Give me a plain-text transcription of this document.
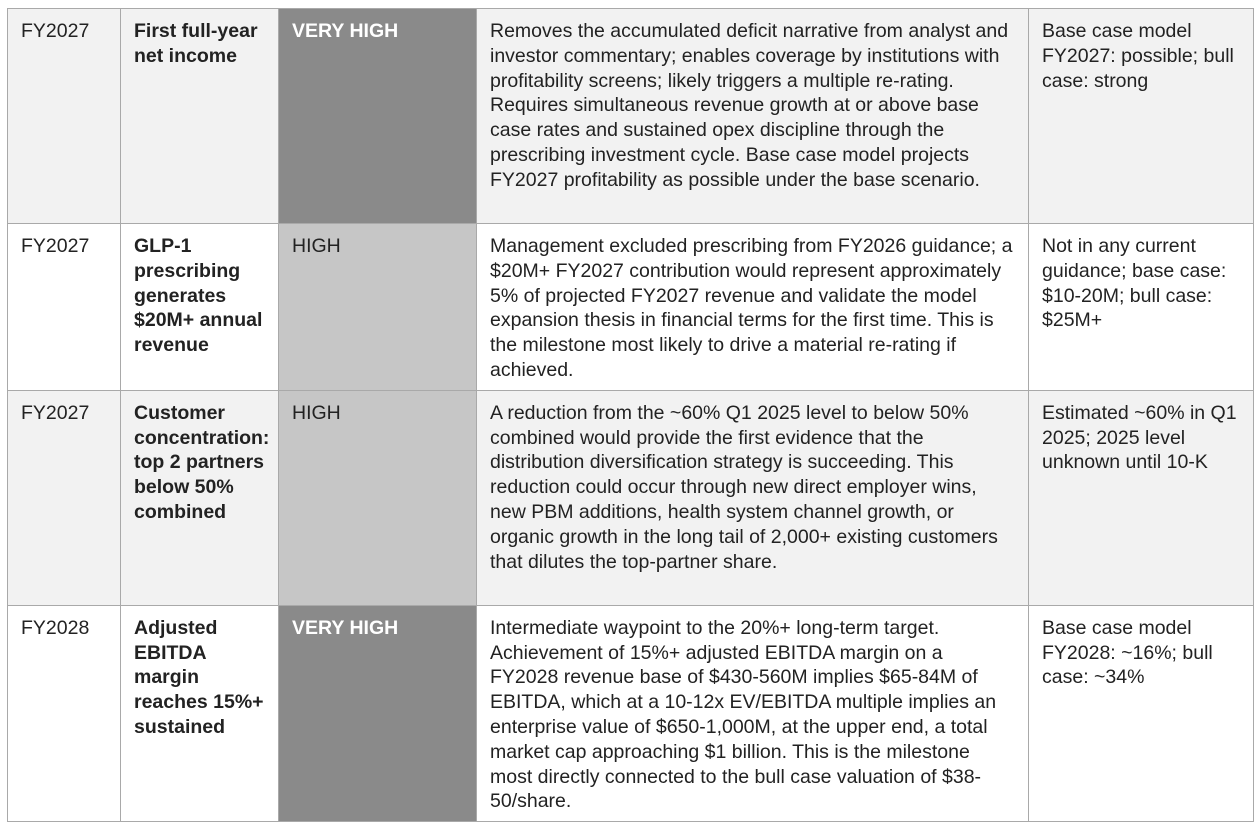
FY2027	First full-year net income	VERY HIGH	Removes the accumulated deficit narrative from analyst and investor commentary; enables coverage by institutions with profitability screens; likely triggers a multiple re-rating. Requires simultaneous revenue growth at or above base case rates and sustained opex discipline through the prescribing investment cycle. Base case model projects FY2027 profitability as possible under the base scenario.	Base case model FY2027: possible; bull case: strong
FY2027	GLP-1 prescribing generates $20M+ annual revenue	HIGH	Management excluded prescribing from FY2026 guidance; a $20M+ FY2027 contribution would represent approximately 5% of projected FY2027 revenue and validate the model expansion thesis in financial terms for the first time. This is the milestone most likely to drive a material re-rating if achieved.	Not in any current guidance; base case: $10-20M; bull case: $25M+
FY2027	Customer concentration: top 2 partners below 50% combined	HIGH	A reduction from the ~60% Q1 2025 level to below 50% combined would provide the first evidence that the distribution diversification strategy is succeeding. This reduction could occur through new direct employer wins, new PBM additions, health system channel growth, or organic growth in the long tail of 2,000+ existing customers that dilutes the top-partner share.	Estimated ~60% in Q1 2025; 2025 level unknown until 10-K
FY2028	Adjusted EBITDA margin reaches 15%+ sustained	VERY HIGH	Intermediate waypoint to the 20%+ long-term target. Achievement of 15%+ adjusted EBITDA margin on a FY2028 revenue base of $430-560M implies $65-84M of EBITDA, which at a 10-12x EV/EBITDA multiple implies an enterprise value of $650-1,000M, at the upper end, a total market cap approaching $1 billion. This is the milestone most directly connected to the bull case valuation of $38-50/share.	Base case model FY2028: ~16%; bull case: ~34%
